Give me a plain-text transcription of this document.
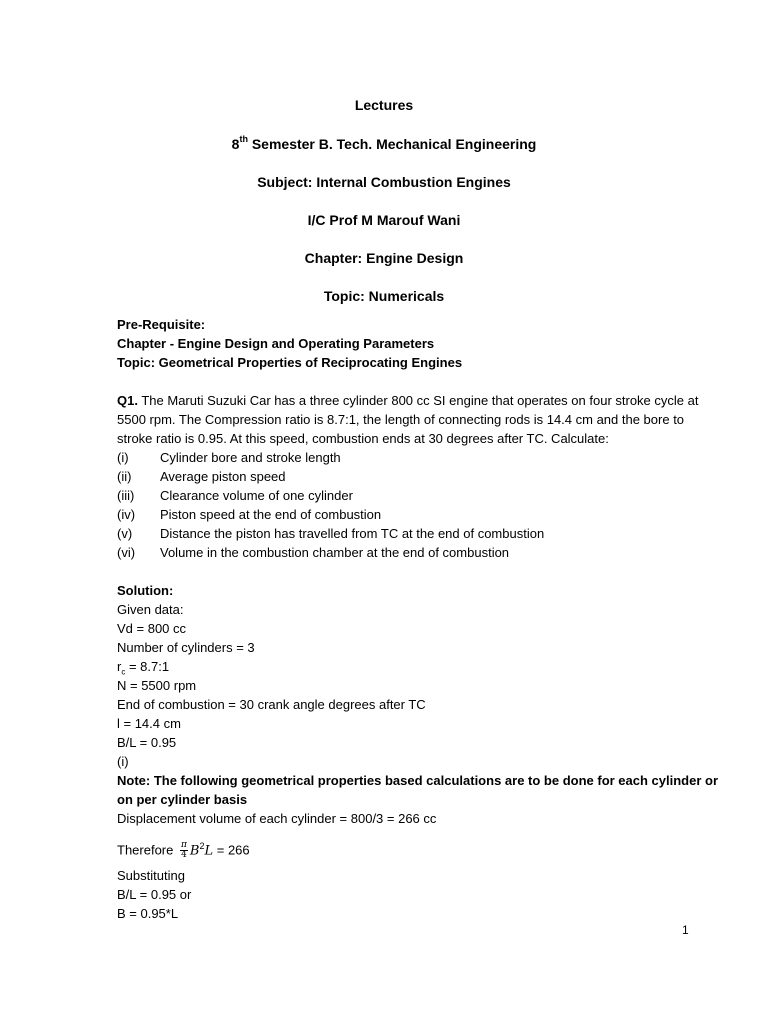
Lectures
8th Semester B. Tech. Mechanical Engineering
Subject: Internal Combustion Engines
I/C Prof M Marouf Wani
Chapter: Engine Design
Topic: Numericals
Pre-Requisite:
Chapter - Engine Design and Operating Parameters
Topic: Geometrical Properties of Reciprocating Engines
Q1. The Maruti Suzuki Car has a three cylinder 800 cc SI engine that operates on four stroke cycle at
5500 rpm. The Compression ratio is 8.7:1, the length of connecting rods is 14.4 cm and the bore to
stroke ratio is 0.95. At this speed, combustion ends at 30 degrees after TC. Calculate:
(i) Cylinder bore and stroke length
(ii) Average piston speed
(iii) Clearance volume of one cylinder
(iv) Piston speed at the end of combustion
(v) Distance the piston has travelled from TC at the end of combustion
(vi) Volume in the combustion chamber at the end of combustion
Solution:
Given data:
Vd = 800 cc
Number of cylinders = 3
$r_c$ = 8.7:1
N = 5500 rpm
End of combustion = 30 crank angle degrees after TC
l = 14.4 cm
B/L = 0.95
(i)
Note: The following geometrical properties based calculations are to be done for each cylinder or
on per cylinder basis
Displacement volume of each cylinder = 800/3 = 266 cc
Therefore $\frac{\pi}{4} B^2L = 266$
Substituting
B/L = 0.95 or
B = 0.95*L
1
